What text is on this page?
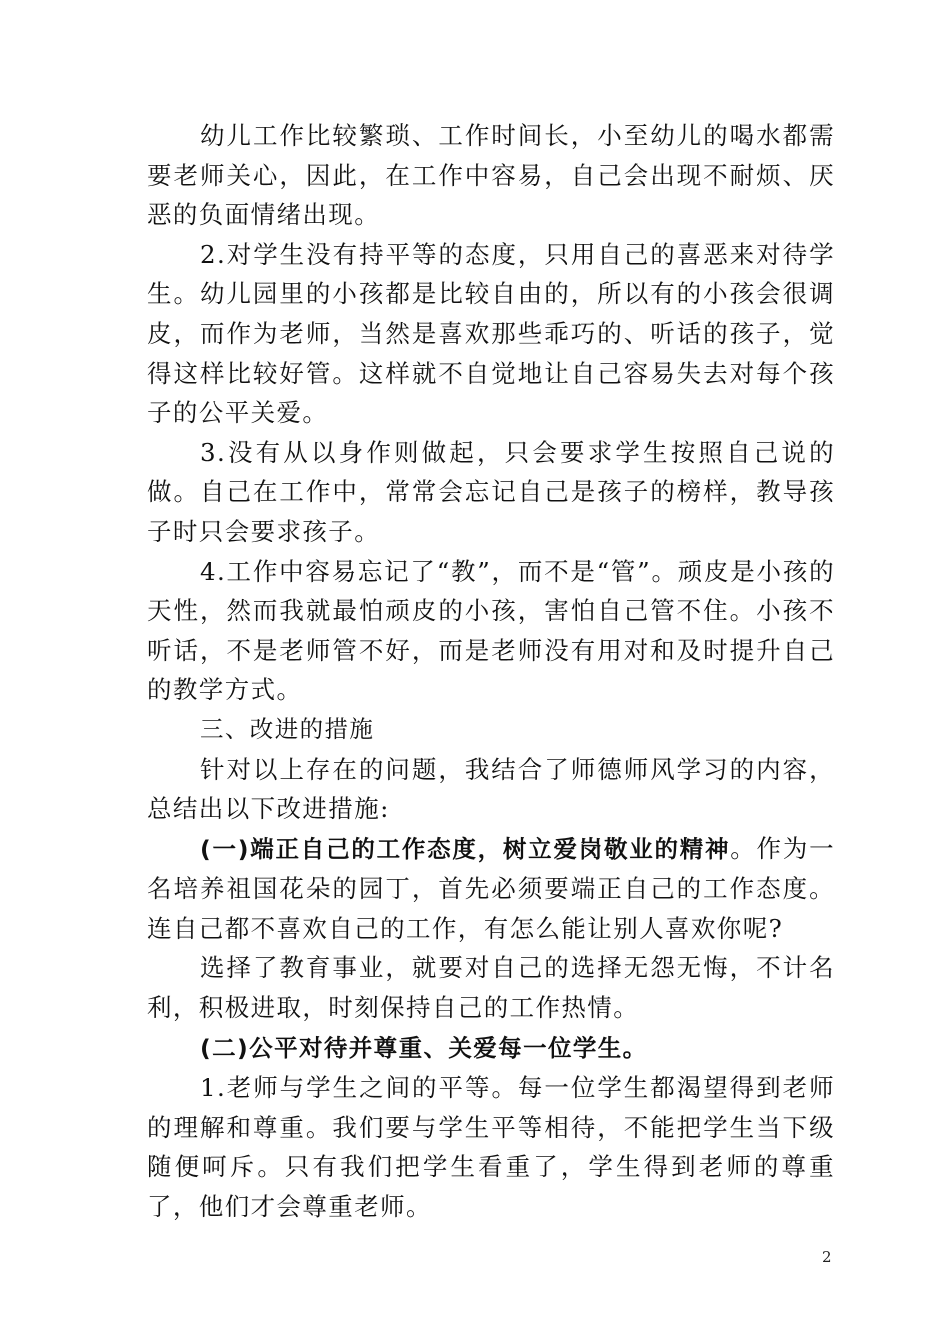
幼儿工作比较繁琐、工作时间长，小至幼儿的喝水都需要老师关心，因此，在工作中容易，自己会出现不耐烦、厌恶的负面情绪出现。

2.对学生没有持平等的态度，只用自己的喜恶来对待学生。幼儿园里的小孩都是比较自由的，所以有的小孩会很调皮，而作为老师，当然是喜欢那些乖巧的、听话的孩子，觉得这样比较好管。这样就不自觉地让自己容易失去对每个孩子的公平关爱。

3.没有从以身作则做起，只会要求学生按照自己说的做。自己在工作中，常常会忘记自己是孩子的榜样，教导孩子时只会要求孩子。

4.工作中容易忘记了“教”，而不是“管”。顽皮是小孩的天性，然而我就最怕顽皮的小孩，害怕自己管不住。小孩不听话，不是老师管不好，而是老师没有用对和及时提升自己的教学方式。

三、改进的措施

针对以上存在的问题，我结合了师德师风学习的内容，总结出以下改进措施:

(一)端正自己的工作态度，树立爱岗敬业的精神。作为一名培养祖国花朵的园丁，首先必须要端正自己的工作态度。连自己都不喜欢自己的工作，有怎么能让别人喜欢你呢?

选择了教育事业，就要对自己的选择无怨无悔，不计名利，积极进取，时刻保持自己的工作热情。

(二)公平对待并尊重、关爱每一位学生。

1.老师与学生之间的平等。每一位学生都渴望得到老师的理解和尊重。我们要与学生平等相待，不能把学生当下级随便呵斥。只有我们把学生看重了，学生得到老师的尊重了，他们才会尊重老师。

2
